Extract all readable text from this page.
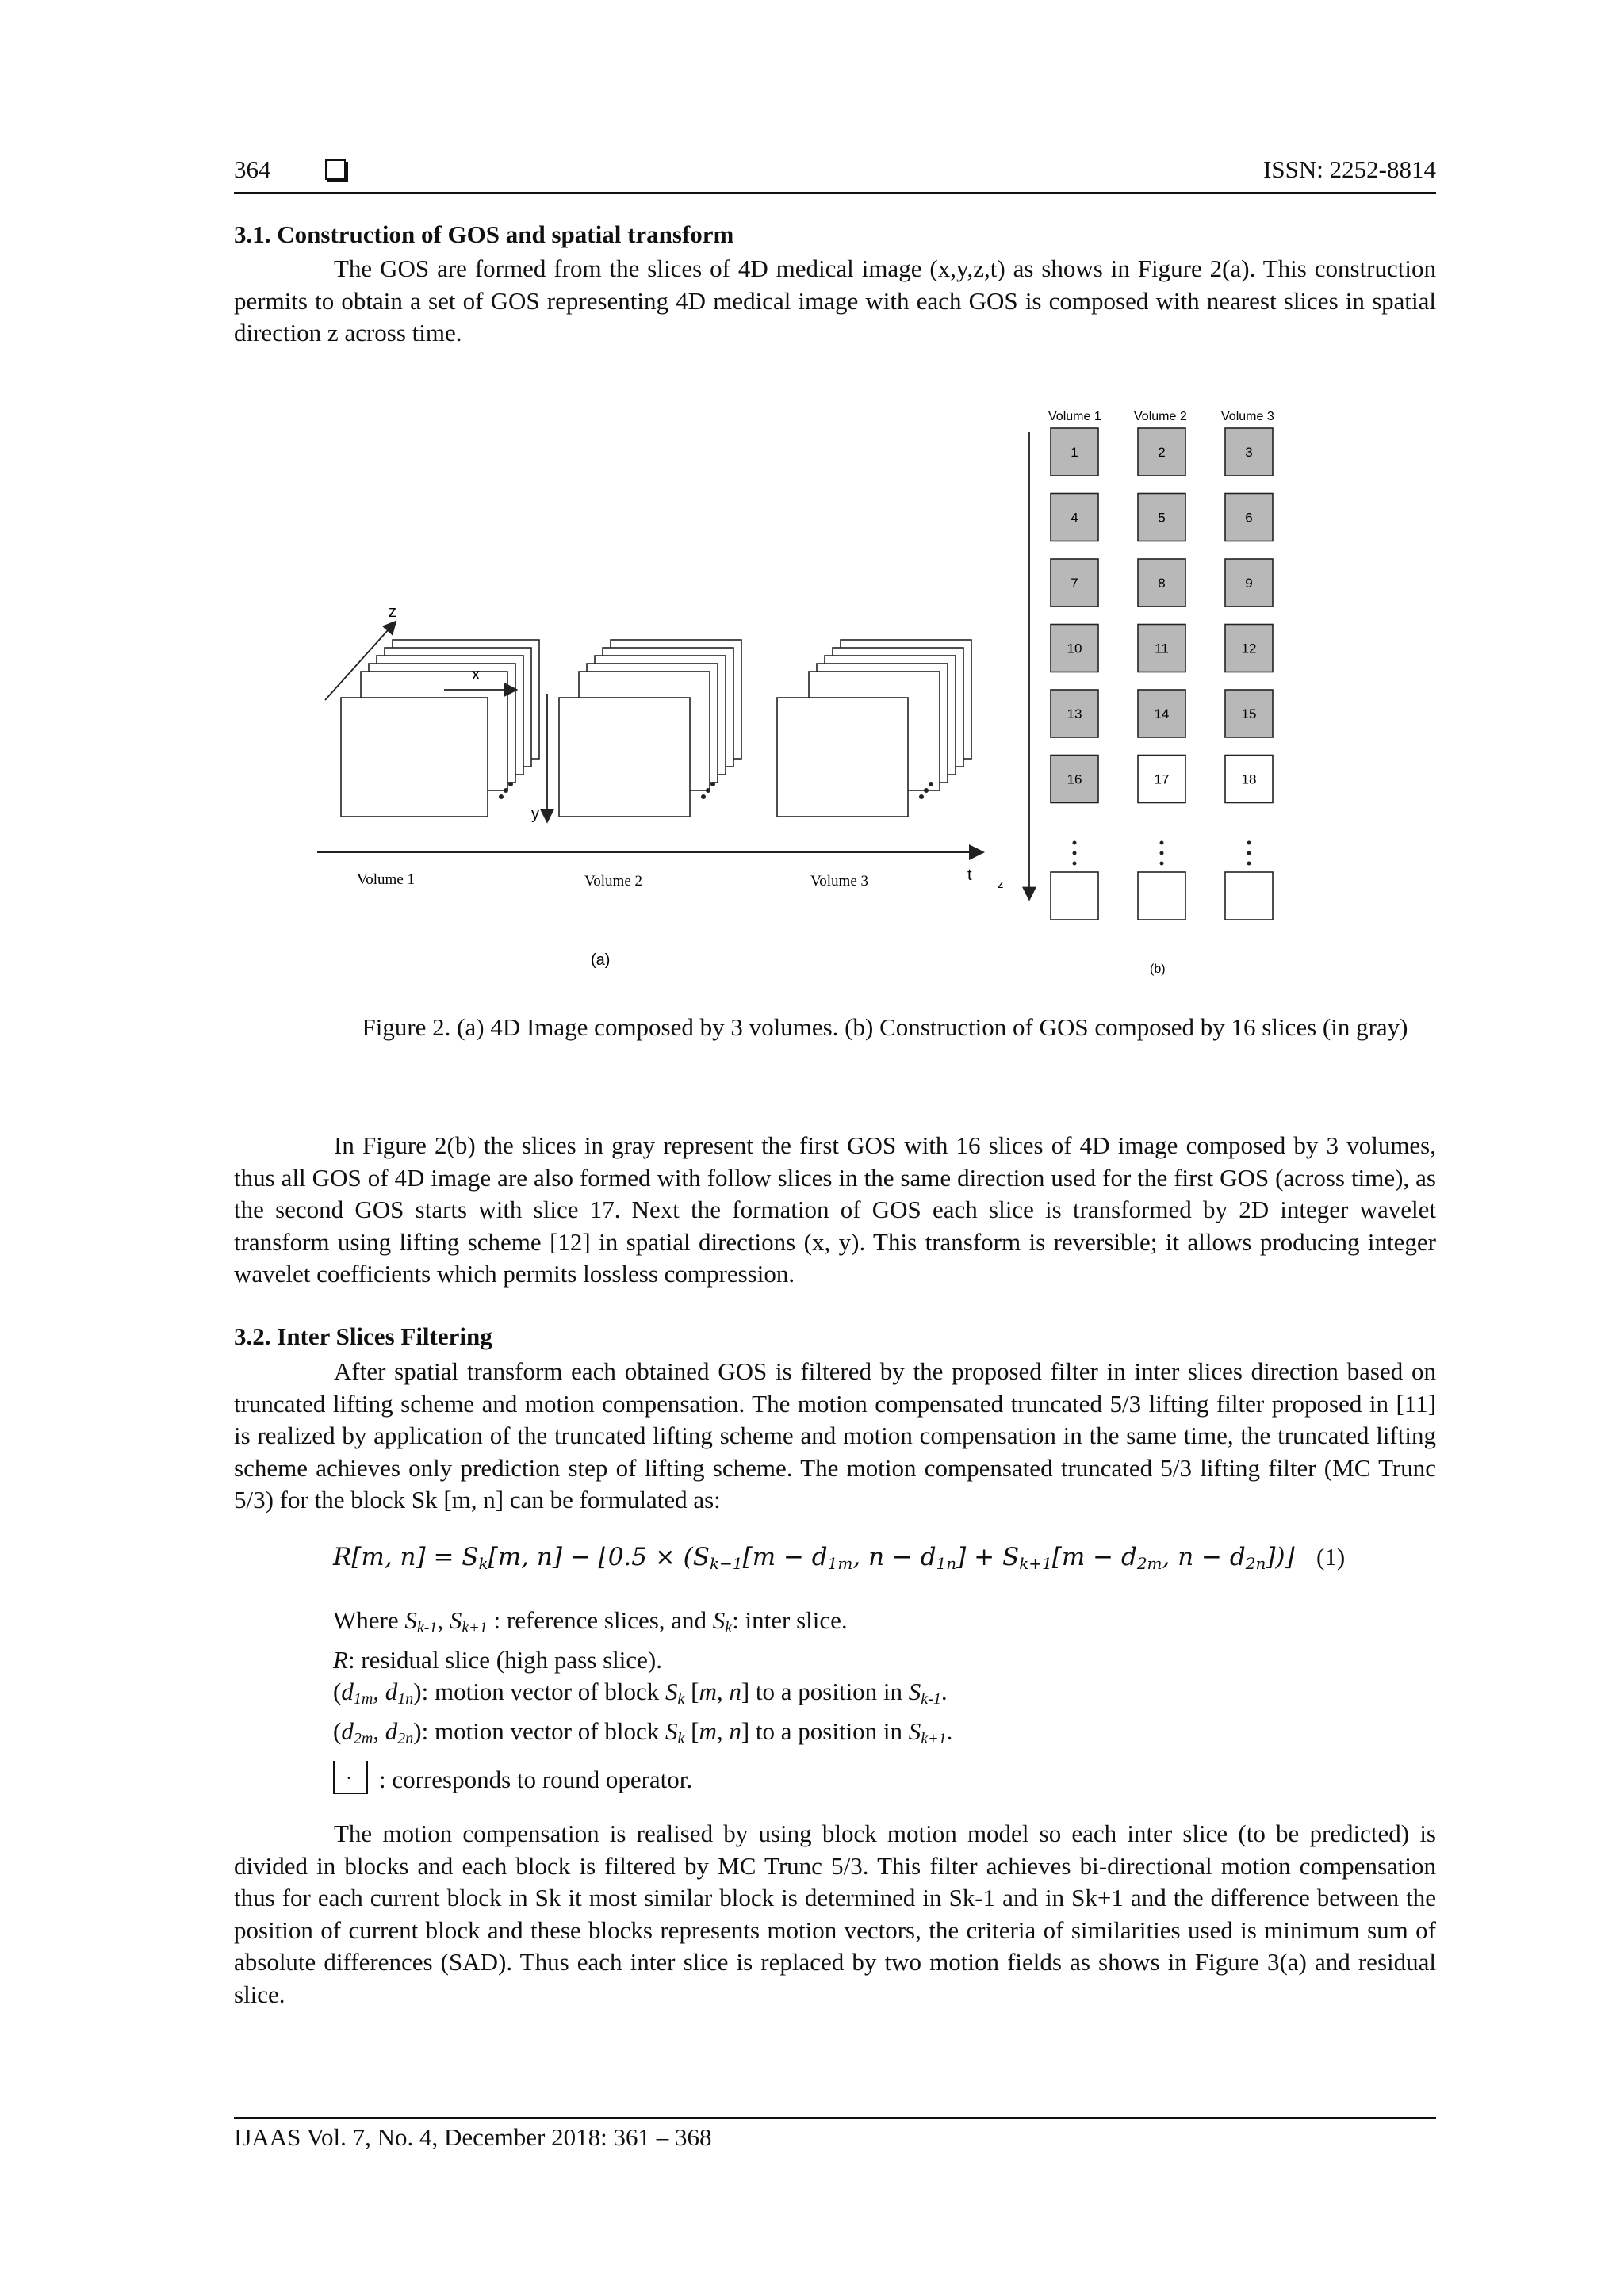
364	ISSN: 2252-8814
3.1. Construction of GOS and spatial transform

The GOS are formed from the slices of 4D medical image (x,y,z,t) as shows in Figure 2(a). This construction permits to obtain a set of GOS representing 4D medical image with each GOS is composed with nearest slices in spatial direction z across time.

z
x
y
t
Volume 1	Volume 2	Volume 3
(a)
Volume 1	Volume 2	Volume 3
z
1	2	3
4	5	6
7	8	9
10	11	12
13	14	15
16	17	18
(b)
Figure 2. (a) 4D Image composed by 3 volumes. (b) Construction of GOS composed by 16 slices (in gray)

In Figure 2(b) the slices in gray represent the first GOS with 16 slices of 4D image composed by 3 volumes, thus all GOS of 4D image are also formed with follow slices in the same direction used for the first GOS (across time), as the second GOS starts with slice 17. Next the formation of GOS each slice is transformed by 2D integer wavelet transform using lifting scheme [12] in spatial directions (x, y). This transform is reversible; it allows producing integer wavelet coefficients which permits lossless compression.

3.2. Inter Slices Filtering

After spatial transform each obtained GOS is filtered by the proposed filter in inter slices direction based on truncated lifting scheme and motion compensation. The motion compensated truncated 5/3 lifting filter proposed in [11] is realized by application of the truncated lifting scheme and motion compensation in the same time, the truncated lifting scheme achieves only prediction step of lifting scheme. The motion compensated truncated 5/3 lifting filter (MC Trunc 5/3) for the block Sk [m, n] can be formulated as:

R[m, $n] = S_k[m$, n] − ⌊0.5 × ($S_{k-1}[m - d_{1m}$, $n - d_{1n}] + S_{k+1}[m - d_{2m}$, $n - d_{2n}])⌋$ (1)
Where $S_{k-1}$, $S_{k+1}$ : reference slices, and $S_k$: inter slice.
R: residual slice (high pass slice).
($d_{1m}$, $d_{1n}$): motion vector of block $S_k$ [m, n] to a position in $S_{k-1}$.
($d_{2m}$, $d_{2n}$): motion vector of block $S_k$ [m, n] to a position in $S_{k+1}$.
.: corresponds to round operator.

The motion compensation is realised by using block motion model so each inter slice (to be predicted) is divided in blocks and each block is filtered by MC Trunc 5/3. This filter achieves bi-directional motion compensation thus for each current block in Sk it most similar block is determined in Sk-1 and in Sk+1 and the difference between the position of current block and these blocks represents motion vectors, the criteria of similarities used is minimum sum of absolute differences (SAD). Thus each inter slice is replaced by two motion fields as shows in Figure 3(a) and residual slice.

IJAAS Vol. 7, No. 4, December 2018: 361 – 368
